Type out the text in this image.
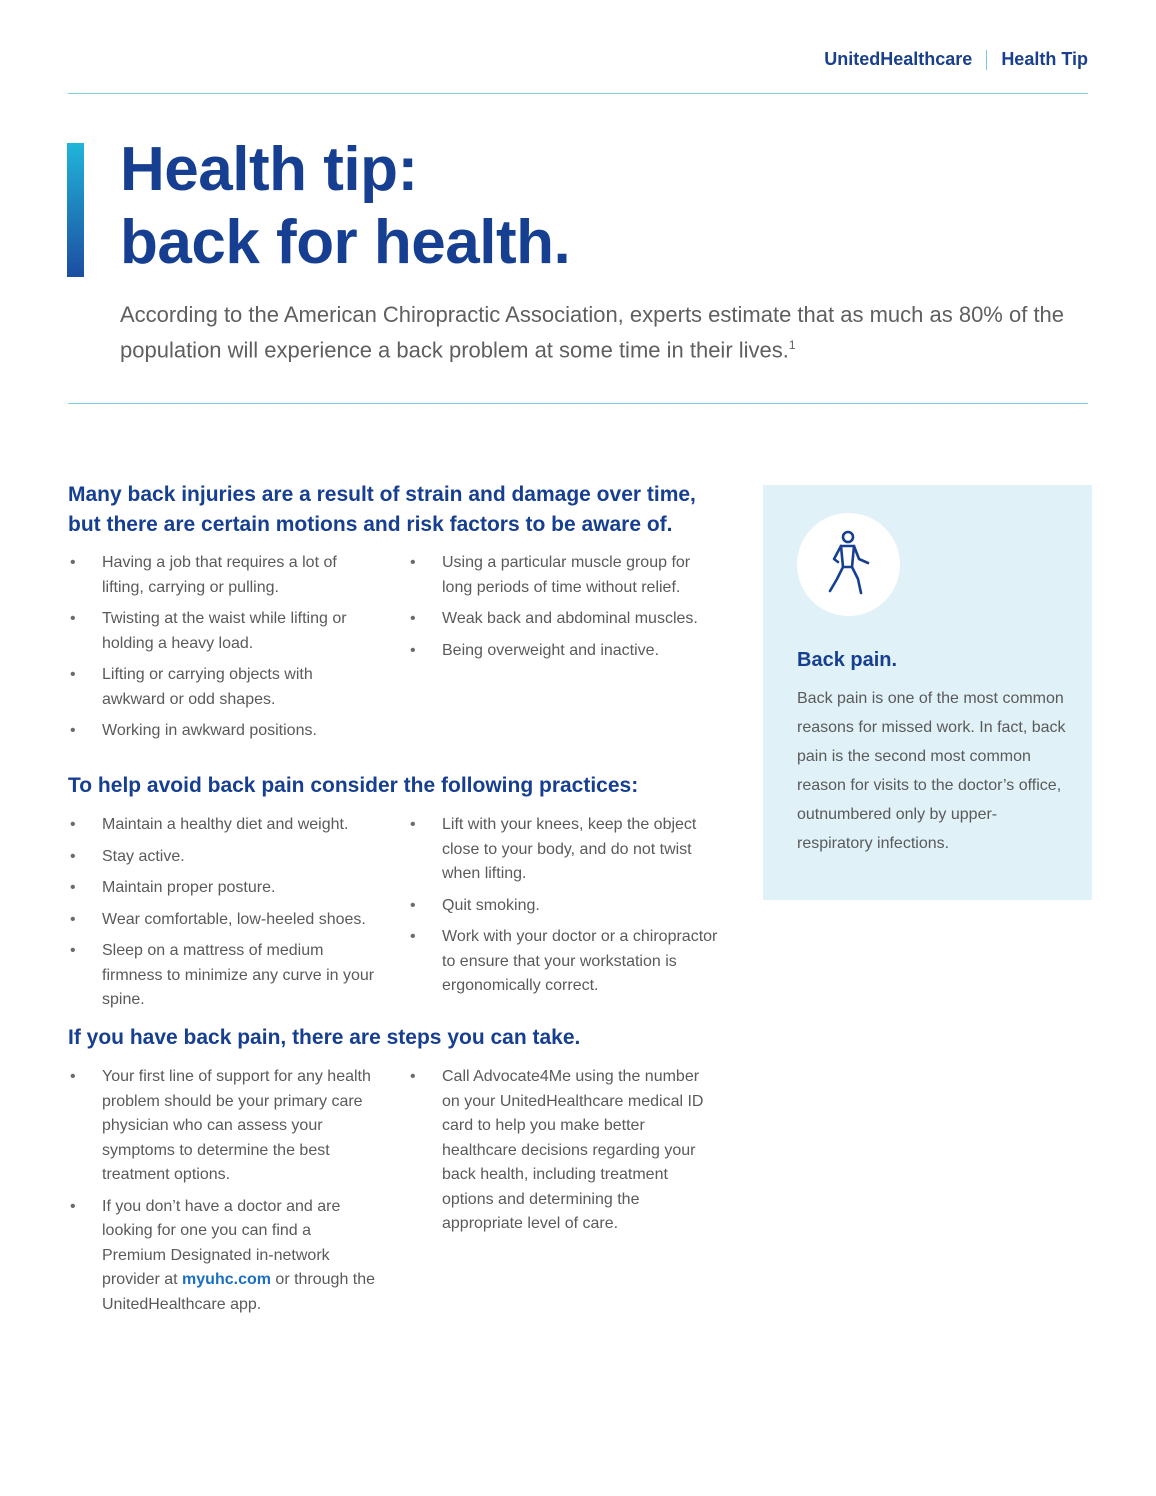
UnitedHealthcare Health Tip
Health tip:
back for health.

According to the American Chiropractic Association, experts estimate that as much as 80% of the population will experience a back problem at some time in their lives.$^1$

Many back injuries are a result of strain and damage over time,
but there are certain motions and risk factors to be aware of.
• Having a job that requires a lot of lifting, carrying or pulling.
• Twisting at the waist while lifting or holding a heavy load.
• Lifting or carrying objects with awkward or odd shapes.
• Working in awkward positions.
• Using a particular muscle group for long periods of time without relief.
• Weak back and abdominal muscles.
• Being overweight and inactive.
To help avoid back pain consider the following practices:
• Maintain a healthy diet and weight.
• Stay active.
• Maintain proper posture.
• Wear comfortable, low-heeled shoes.
• Sleep on a mattress of medium firmness to minimize any curve in your spine.
• Lift with your knees, keep the object close to your body, and do not twist when lifting.
• Quit smoking.
• Work with your doctor or a chiropractor to ensure that your workstation is ergonomically correct.
If you have back pain, there are steps you can take.
• Your first line of support for any health problem should be your primary care physician who can assess your symptoms to determine the best treatment options.
• If you don’t have a doctor and are looking for one you can find a Premium Designated in-network provider at myuhc.com or through the UnitedHealthcare app.
• Call Advocate4Me using the number on your UnitedHealthcare medical ID card to help you make better healthcare decisions regarding your back health, including treatment options and determining the appropriate level of care.
Back pain.

Back pain is one of the most common reasons for missed work. In fact, back pain is the second most common reason for visits to the doctor’s office, outnumbered only by upper-respiratory infections.
